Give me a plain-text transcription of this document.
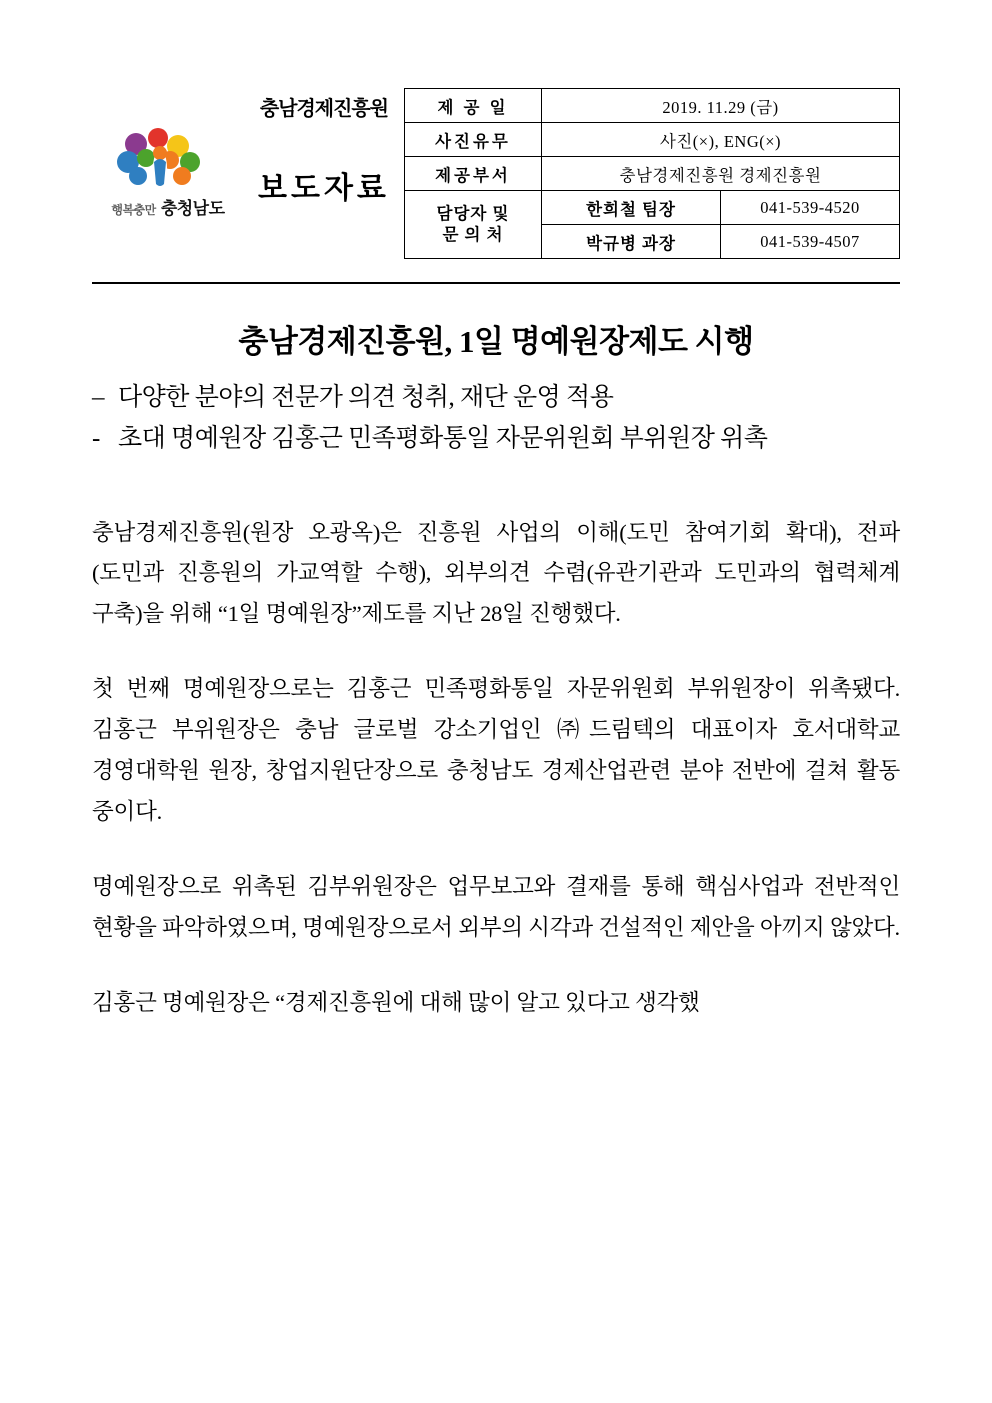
행복충만 충청남도
충남경제진흥원
보도자료
제 공 일	2019. 11.29 (금)	
사진유무	사진(×), ENG(×)	
제공부서	충남경제진흥원 경제진흥원	

담당자 및
문 의 처	한희철 팀장	041-539-4520
	박규병 과장	041-539-4507
충남경제진흥원, 1일 명예원장제도 시행
– 다양한 분야의 전문가 의견 청취, 재단 운영 적용
- 초대 명예원장 김홍근 민족평화통일 자문위원회 부위원장 위촉

충남경제진흥원(원장 오광옥)은 진흥원 사업의 이해(도민 참여기회 확대), 전파(도민과 진흥원의 가교역할 수행), 외부의견 수렴(유관기관과 도민과의 협력체계 구축)을 위해 “1일 명예원장”제도를 지난 28일 진행했다.

첫 번째 명예원장으로는 김홍근 민족평화통일 자문위원회 부위원장이 위촉됐다. 김홍근 부위원장은 충남 글로벌 강소기업인 ㈜드림텍의 대표이자 호서대학교 경영대학원 원장, 창업지원단장으로 충청남도 경제산업관련 분야 전반에 걸쳐 활동 중이다.

명예원장으로 위촉된 김부위원장은 업무보고와 결재를 통해 핵심사업과 전반적인 현황을 파악하였으며, 명예원장으로서 외부의 시각과 건설적인 제안을 아끼지 않았다.

김홍근 명예원장은 “경제진흥원에 대해 많이 알고 있다고 생각했
